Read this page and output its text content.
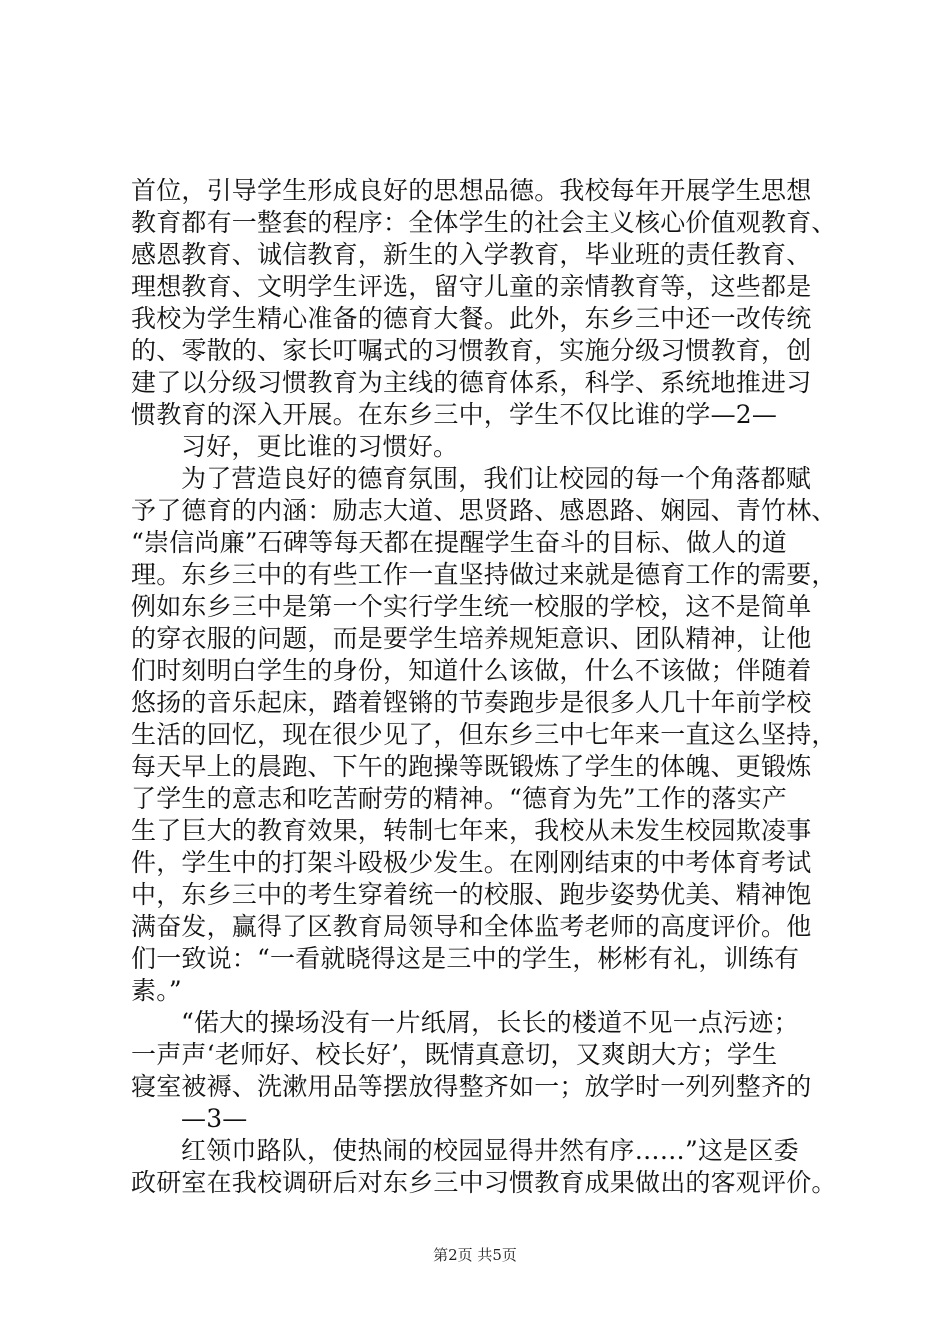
首位，引导学生形成良好的思想品德。我校每年开展学生思想
教育都有一整套的程序：全体学生的社会主义核心价值观教育、
感恩教育、诚信教育，新生的入学教育，毕业班的责任教育、
理想教育、文明学生评选，留守儿童的亲情教育等，这些都是
我校为学生精心准备的德育大餐。此外，东乡三中还一改传统
的、零散的、家长叮嘱式的习惯教育，实施分级习惯教育，创
建了以分级习惯教育为主线的德育体系，科学、系统地推进习
惯教育的深入开展。在东乡三中，学生不仅比谁的学—2—
习好，更比谁的习惯好。
为了营造良好的德育氛围，我们让校园的每一个角落都赋
予了德育的内涵：励志大道、思贤路、感恩路、娴园、青竹林、
“崇信尚廉”石碑等每天都在提醒学生奋斗的目标、做人的道
理。东乡三中的有些工作一直坚持做过来就是德育工作的需要，
例如东乡三中是第一个实行学生统一校服的学校，这不是简单
的穿衣服的问题，而是要学生培养规矩意识、团队精神，让他
们时刻明白学生的身份，知道什么该做，什么不该做；伴随着
悠扬的音乐起床，踏着铿锵的节奏跑步是很多人几十年前学校
生活的回忆，现在很少见了，但东乡三中七年来一直这么坚持，
每天早上的晨跑、下午的跑操等既锻炼了学生的体魄、更锻炼
了学生的意志和吃苦耐劳的精神。“德育为先”工作的落实产
生了巨大的教育效果，转制七年来，我校从未发生校园欺凌事
件，学生中的打架斗殴极少发生。在刚刚结束的中考体育考试
中，东乡三中的考生穿着统一的校服、跑步姿势优美、精神饱
满奋发，赢得了区教育局领导和全体监考老师的高度评价。他
们一致说：“一看就晓得这是三中的学生，彬彬有礼，训练有
素。”
“偌大的操场没有一片纸屑，长长的楼道不见一点污迹；
一声声‘老师好、校长好’，既情真意切，又爽朗大方；学生
寝室被褥、洗漱用品等摆放得整齐如一；放学时一列列整齐的
—3—
红领巾路队，使热闹的校园显得井然有序……”这是区委
政研室在我校调研后对东乡三中习惯教育成果做出的客观评价。
第2页 共5页
